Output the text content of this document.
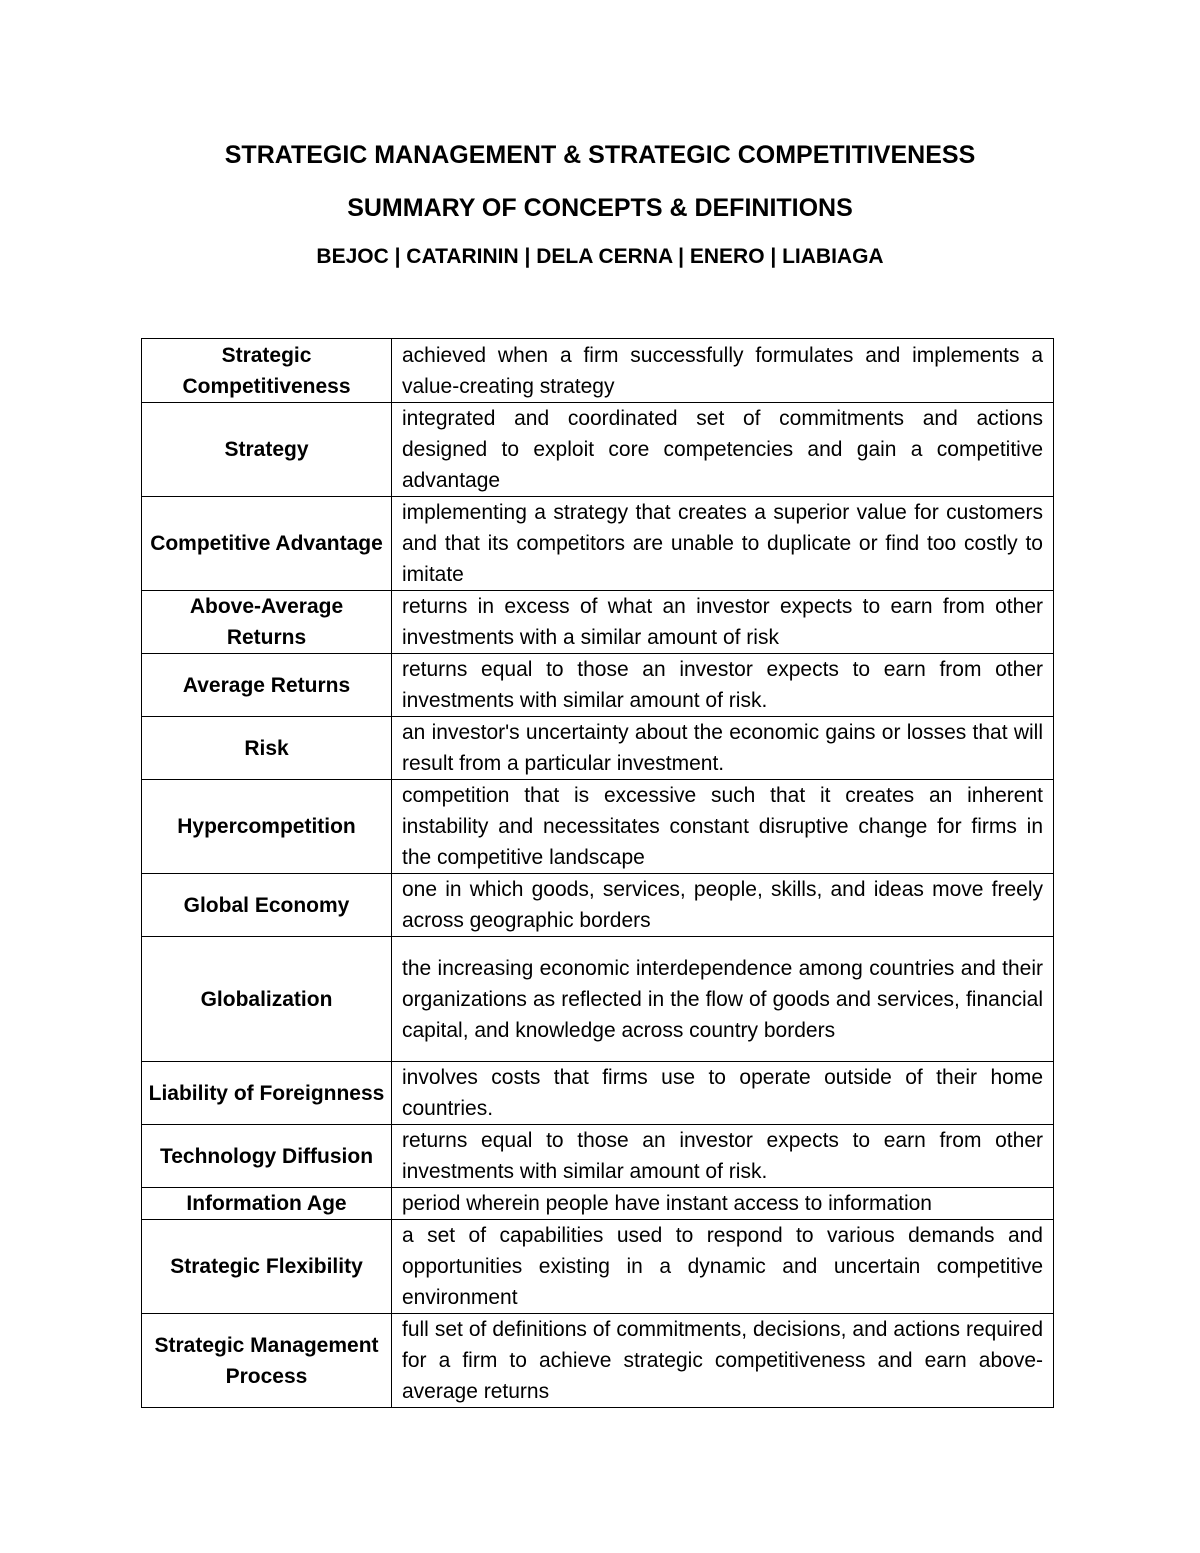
STRATEGIC MANAGEMENT & STRATEGIC COMPETITIVENESS
SUMMARY OF CONCEPTS & DEFINITIONS
BEJOC | CATARININ | DELA CERNA | ENERO | LIABIAGA
Strategic Competitiveness	achieved when a firm successfully formulates and implements a value-creating strategy
Strategy	integrated and coordinated set of commitments and actions designed to exploit core competencies and gain a competitive advantage
Competitive Advantage	implementing a strategy that creates a superior value for customers and that its competitors are unable to duplicate or find too costly to imitate
Above-Average Returns	returns in excess of what an investor expects to earn from other investments with a similar amount of risk
Average Returns	returns equal to those an investor expects to earn from other investments with similar amount of risk.
Risk	an investor's uncertainty about the economic gains or losses that will result from a particular investment.
Hypercompetition	competition that is excessive such that it creates an inherent instability and necessitates constant disruptive change for firms in the competitive landscape
Global Economy	one in which goods, services, people, skills, and ideas move freely across geographic borders
Globalization	the increasing economic interdependence among countries and their organizations as reflected in the flow of goods and services, financial capital, and knowledge across country borders
Liability of Foreignness	involves costs that firms use to operate outside of their home countries.
Technology Diffusion	returns equal to those an investor expects to earn from other investments with similar amount of risk.
Information Age	period wherein people have instant access to information
Strategic Flexibility	a set of capabilities used to respond to various demands and opportunities existing in a dynamic and uncertain competitive environment
Strategic Management Process	full set of definitions of commitments, decisions, and actions required for a firm to achieve strategic competitiveness and earn above-average returns
